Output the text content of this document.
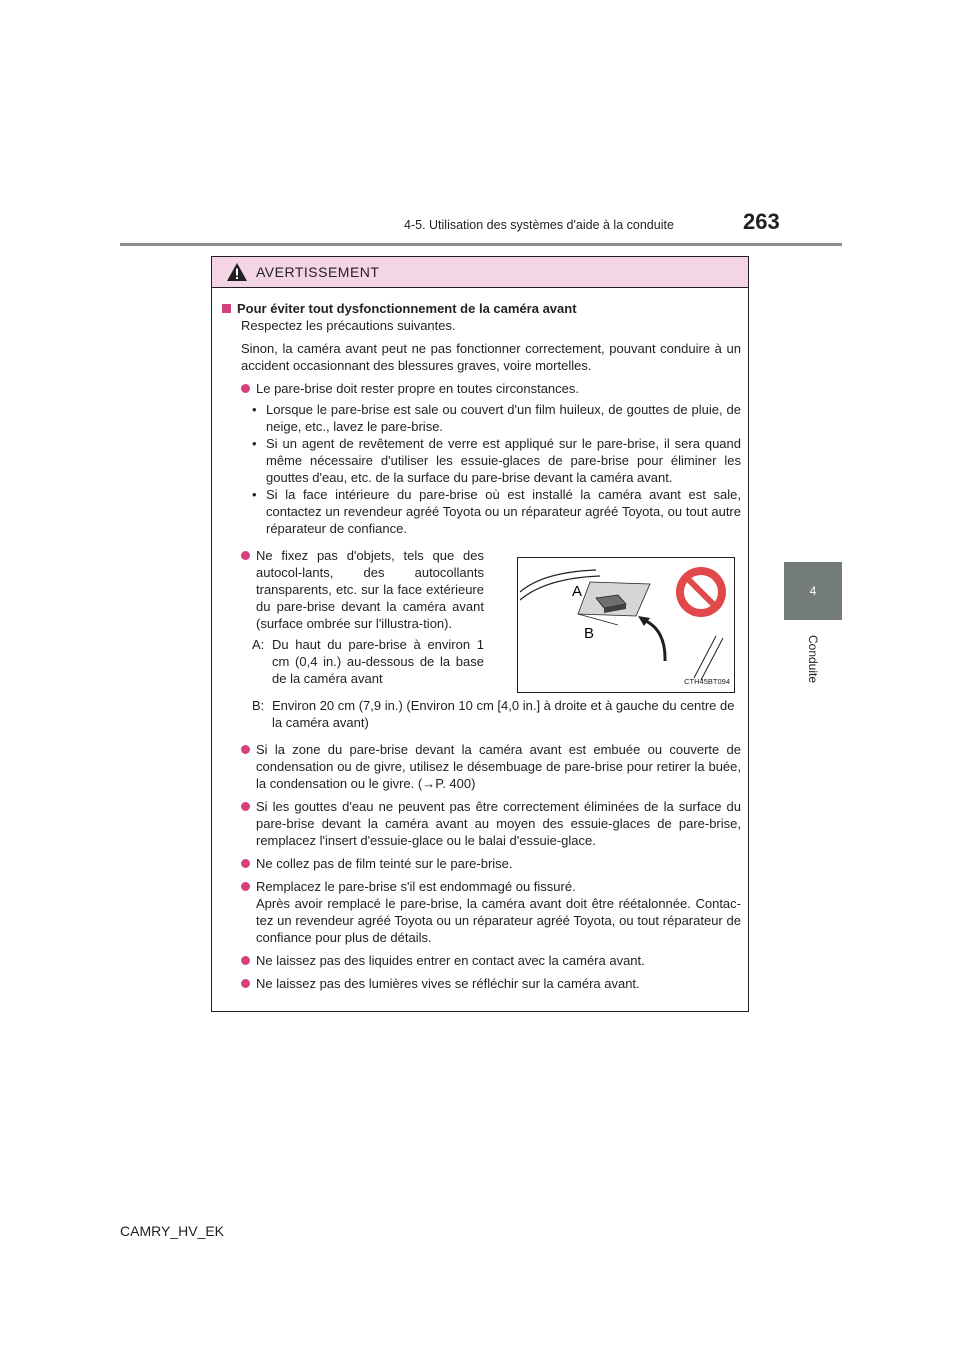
4-5. Utilisation des systèmes d'aide à la conduite	263
4
Conduite
AVERTISSEMENT
Pour éviter tout dysfonctionnement de la caméra avant

Respectez les précautions suivantes.

Sinon, la caméra avant peut ne pas fonctionner correctement, pouvant conduire à un accident occasionnant des blessures graves, voire mortelles.

Le pare-brise doit rester propre en toutes circonstances.
• Lorsque le pare-brise est sale ou couvert d'un film huileux, de gouttes de pluie, de neige, etc., lavez le pare-brise.
• Si un agent de revêtement de verre est appliqué sur le pare-brise, il sera quand même nécessaire d'utiliser les essuie-glaces de pare-brise pour éliminer les gouttes d'eau, etc. de la surface du pare-brise devant la caméra avant.
• Si la face intérieure du pare-brise où est installé la caméra avant est sale, contactez un revendeur agréé Toyota ou un réparateur agréé Toyota, ou tout autre réparateur de confiance.
Ne fixez pas d'objets, tels que des autocol-lants, des autocollants transparents, etc. sur la face extérieure du pare-brise devant la caméra avant (surface ombrée sur l'illustra-tion).
A: Du haut du pare-brise à environ 1 cm (0,4 in.) au-dessous de la base de la caméra avant
A
B
CTH45BT094
B: Environ 20 cm (7,9 in.) (Environ 10 cm [4,0 in.] à droite et à gauche du centre de la caméra avant)
Si la zone du pare-brise devant la caméra avant est embuée ou couverte de condensation ou de givre, utilisez le désembuage de pare-brise pour retirer la buée, la condensation ou le givre. (→P. 400)
Si les gouttes d'eau ne peuvent pas être correctement éliminées de la surface du pare-brise devant la caméra avant au moyen des essuie-glaces de pare-brise, remplacez l'insert d'essuie-glace ou le balai d'essuie-glace.
Ne collez pas de film teinté sur le pare-brise.
Remplacez le pare-brise s'il est endommagé ou fissuré.
Après avoir remplacé le pare-brise, la caméra avant doit être réétalonnée. Contac-tez un revendeur agréé Toyota ou un réparateur agréé Toyota, ou tout réparateur de confiance pour plus de détails.
Ne laissez pas des liquides entrer en contact avec la caméra avant.
Ne laissez pas des lumières vives se réfléchir sur la caméra avant.
CAMRY_HV_EK
